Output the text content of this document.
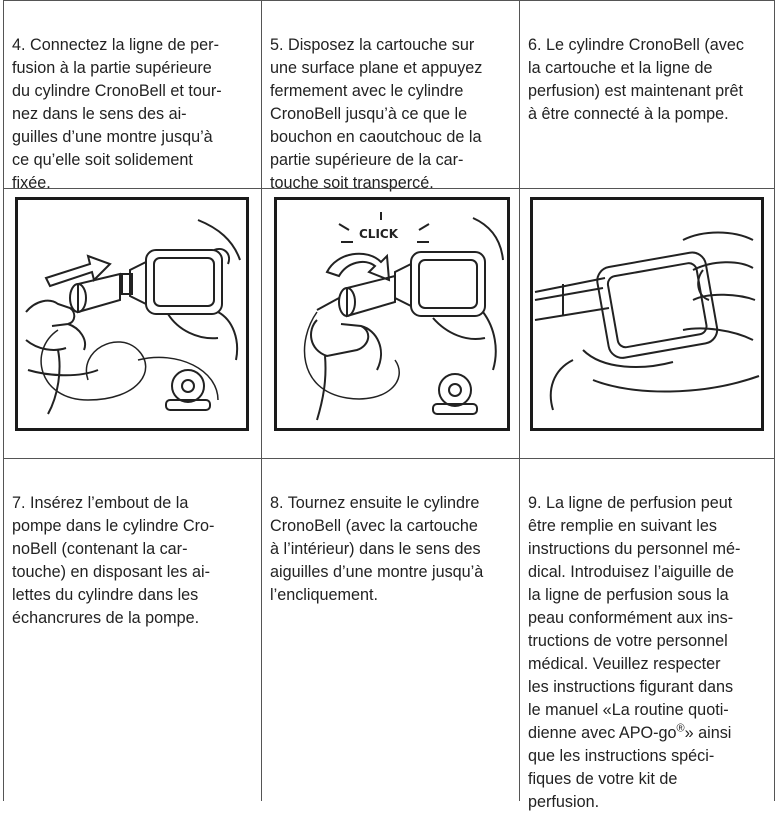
4. Connectez la ligne de per-
fusion à la partie supérieure
du cylindre CronoBell et tour-
nez dans le sens des ai-
guilles d’une montre jusqu’à
ce qu’elle soit solidement
fixée.

5. Disposez la cartouche sur
une surface plane et appuyez
fermement avec le cylindre
CronoBell jusqu’à ce que le
bouchon en caoutchouc de la
partie supérieure de la car-
touche soit transpercé.

6. Le cylindre CronoBell (avec
la cartouche et la ligne de
perfusion) est maintenant prêt
à être connecté à la pompe.

CLICK

7. Insérez l’embout de la
pompe dans le cylindre Cro-
noBell (contenant la car-
touche) en disposant les ai-
lettes du cylindre dans les
échancrures de la pompe.

8. Tournez ensuite le cylindre
CronoBell (avec la cartouche
à l’intérieur) dans le sens des
aiguilles d’une montre jusqu’à
l’encliquement.

9. La ligne de perfusion peut
être remplie en suivant les
instructions du personnel mé-
dical. Introduisez l’aiguille de
la ligne de perfusion sous la
peau conformément aux ins-
tructions de votre personnel
médical. Veuillez respecter
les instructions figurant dans
le manuel «La routine quoti-
dienne avec APO-go®» ainsi
que les instructions spéci-
fiques de votre kit de
perfusion.
